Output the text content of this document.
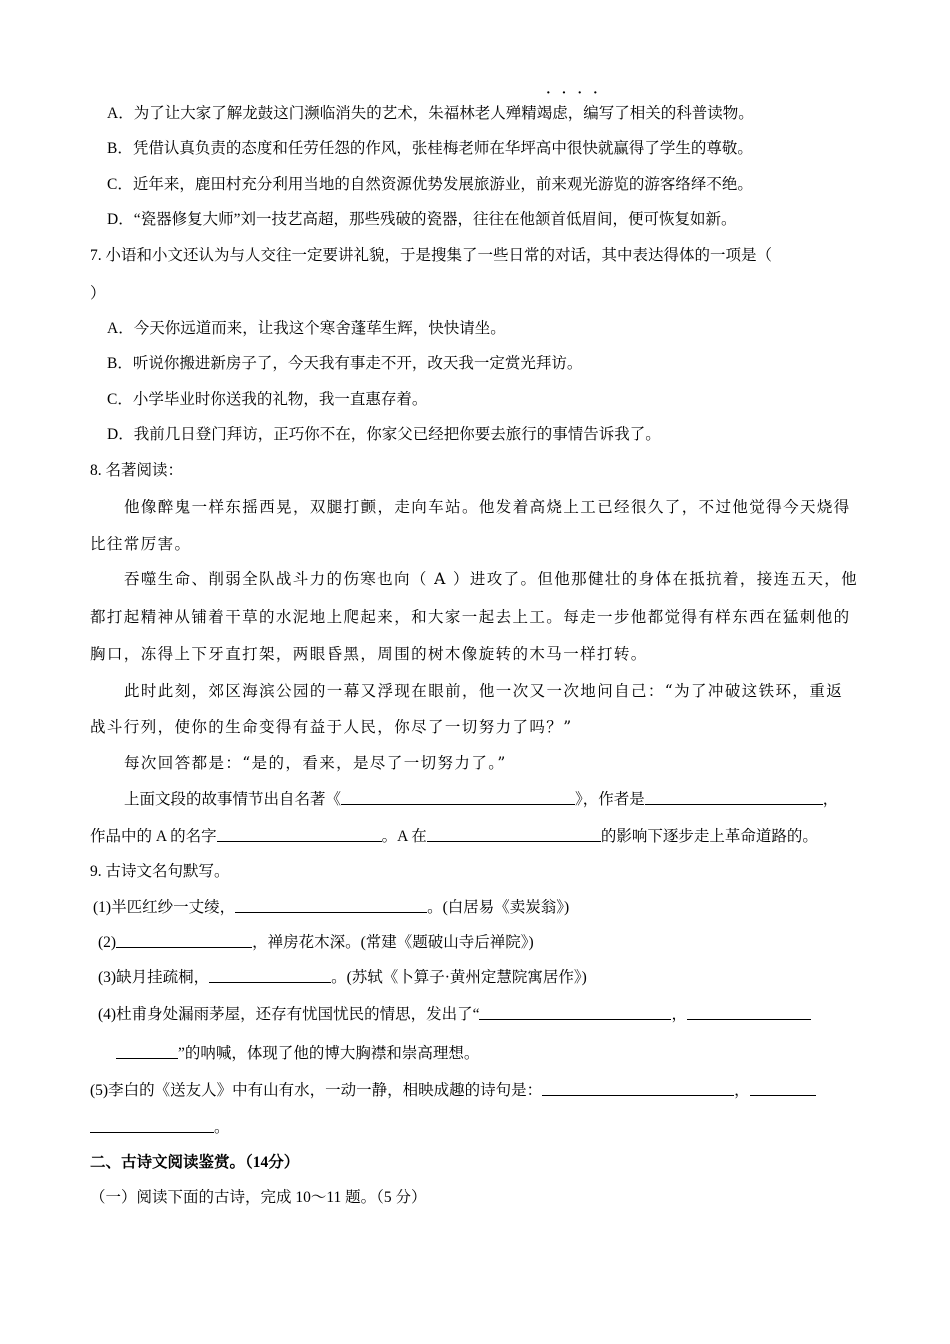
····
A．为了让大家了解龙鼓这门濒临消失的艺术，朱福林老人殚精竭虑，编写了相关的科普读物。
B．凭借认真负责的态度和任劳任怨的作风，张桂梅老师在华坪高中很快就赢得了学生的尊敬。
C．近年来，鹿田村充分利用当地的自然资源优势发展旅游业，前来观光游览的游客络绎不绝。
D．“瓷器修复大师”刘一技艺高超，那些残破的瓷器，往往在他颔首低眉间，便可恢复如新。
7. 小语和小文还认为与人交往一定要讲礼貌，于是搜集了一些日常的对话，其中表达得体的一项是（
）
A．今天你远道而来，让我这个寒舍蓬荜生辉，快快请坐。
B．听说你搬进新房子了，今天我有事走不开，改天我一定赏光拜访。
C．小学毕业时你送我的礼物，我一直惠存着。
D．我前几日登门拜访，正巧你不在，你家父已经把你要去旅行的事情告诉我了。
8. 名著阅读：
他像醉鬼一样东摇西晃，双腿打颤，走向车站。他发着高烧上工已经很久了，不过他觉得今天烧得
比往常厉害。
吞噬生命、削弱全队战斗力的伤寒也向（ A ）进攻了。但他那健壮的身体在抵抗着，接连五天，他
都打起精神从铺着干草的水泥地上爬起来，和大家一起去上工。每走一步他都觉得有样东西在猛刺他的
胸口，冻得上下牙直打架，两眼昏黑，周围的树木像旋转的木马一样打转。
此时此刻，郊区海滨公园的一幕又浮现在眼前，他一次又一次地问自己：“为了冲破这铁环，重返
战斗行列，使你的生命变得有益于人民，你尽了一切努力了吗？”
每次回答都是：“是的，看来，是尽了一切努力了。”
上面文段的故事情节出自名著《	》，作者是	，
作品中的 A 的名字	。A 在	的影响下逐步走上革命道路的。
9. 古诗文名句默写。
(1)半匹红纱一丈绫，	。(白居易《卖炭翁》)
(2)	，禅房花木深。(常建《题破山寺后禅院》)
(3)缺月挂疏桐，	。(苏轼《卜算子·黄州定慧院寓居作》)
(4)杜甫身处漏雨茅屋，还存有忧国忧民的情思，发出了“	，
”的呐喊，体现了他的博大胸襟和崇高理想。
(5)李白的《送友人》中有山有水，一动一静，相映成趣的诗句是：	，
。
二、古诗文阅读鉴赏。（14分）
（一）阅读下面的古诗，完成 10～11 题。（5 分）
